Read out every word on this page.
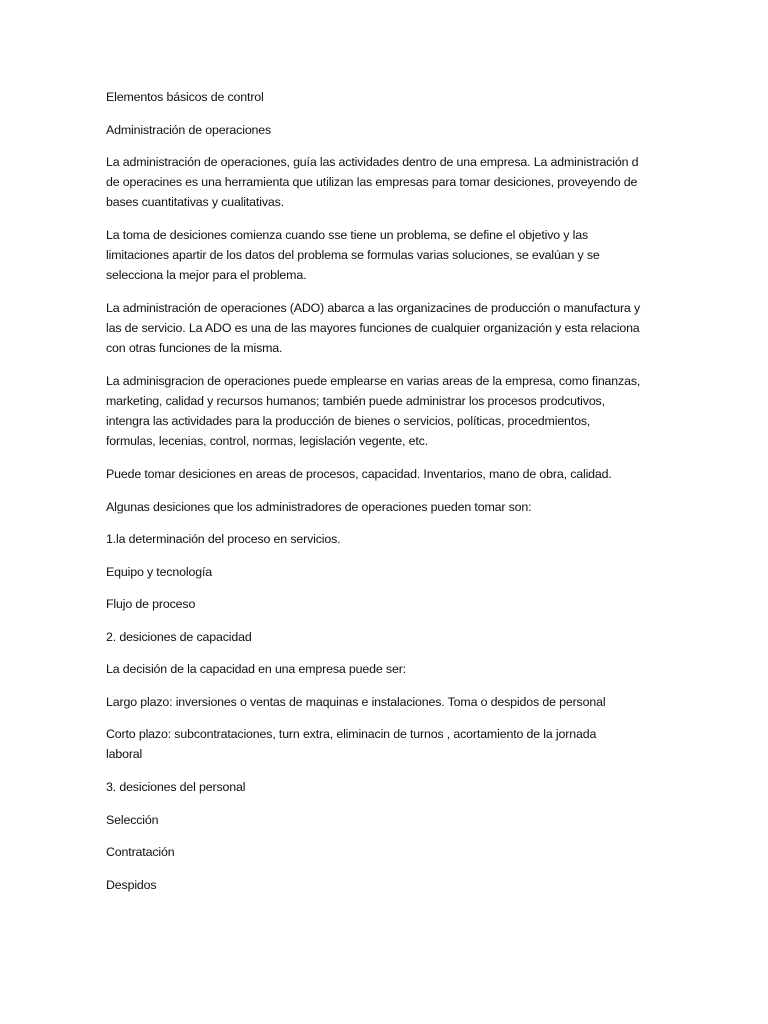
Elementos básicos de control

Administración de operaciones

La administración de operaciones, guía las actividades dentro de una empresa. La administración d
de operacines es una herramienta que utilizan las empresas para tomar desiciones, proveyendo de
bases cuantitativas y cualitativas.

La toma de desiciones comienza cuando sse tiene un problema, se define el objetivo y las
limitaciones apartir de los datos del problema se formulas varias soluciones, se evalúan y se
selecciona la mejor para el problema.

La administración de operaciones (ADO) abarca a las organizacines de producción o manufactura y
las de servicio. La ADO es una de las mayores funciones de cualquier organización y esta relaciona
con otras funciones de la misma.

La adminisgracion de operaciones puede emplearse en varias areas de la empresa, como finanzas,
marketing, calidad y recursos humanos; también puede administrar los procesos prodcutivos,
intengra las actividades para la producción de bienes o servicios, políticas, procedmientos,
formulas, lecenias, control, normas, legislación vegente, etc.

Puede tomar desiciones en areas de procesos, capacidad. Inventarios, mano de obra, calidad.

Algunas desiciones que los administradores de operaciones pueden tomar son:

1.la determinación del proceso en servicios.

Equipo y tecnología

Flujo de proceso

2. desiciones de capacidad

La decisión de la capacidad en una empresa puede ser:

Largo plazo: inversiones o ventas de maquinas e instalaciones. Toma o despidos de personal

Corto plazo: subcontrataciones, turn extra, eliminacin de turnos , acortamiento de la jornada
laboral

3. desiciones del personal

Selección

Contratación

Despidos
